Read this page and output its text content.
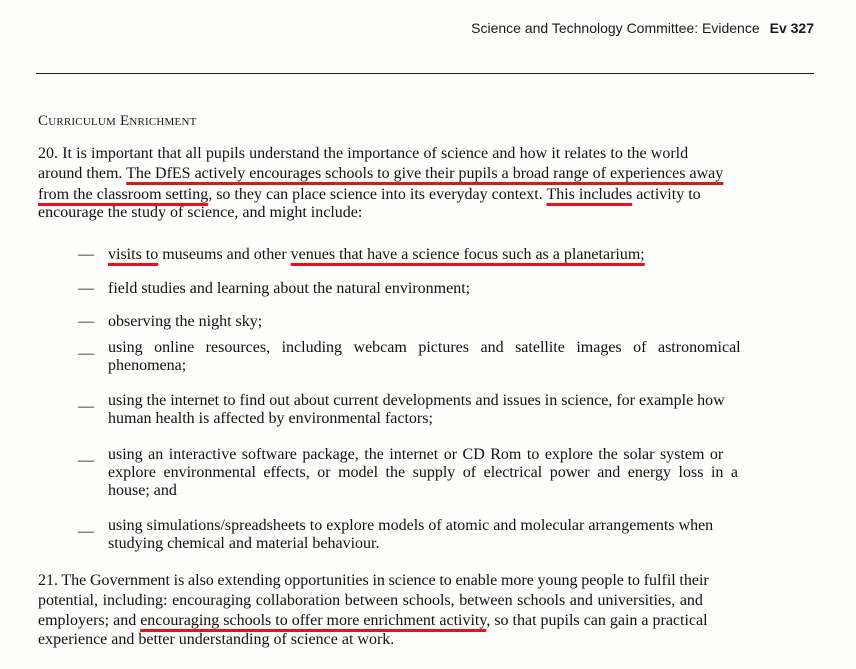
Science and Technology Committee: Evidence Ev 327
Curriculum Enrichment
20. It is important that all pupils understand the importance of science and how it relates to the world
around them. The DfES actively encourages schools to give their pupils a broad range of experiences away
from the classroom setting, so they can place science into its everyday context. This includes activity to
encourage the study of science, and might include:
— visits to museums and other venues that have a science focus such as a planetarium;
— field studies and learning about the natural environment;
— observing the night sky;
— using online resources, including webcam pictures and satellite images of astronomical
phenomena;
— using the internet to find out about current developments and issues in science, for example how
human health is affected by environmental factors;
— using an interactive software package, the internet or CD Rom to explore the solar system or
explore environmental effects, or model the supply of electrical power and energy loss in a
house; and
— using simulations/spreadsheets to explore models of atomic and molecular arrangements when
studying chemical and material behaviour.
21. The Government is also extending opportunities in science to enable more young people to fulfil their
potential, including: encouraging collaboration between schools, between schools and universities, and
employers; and encouraging schools to offer more enrichment activity, so that pupils can gain a practical
experience and better understanding of science at work.
